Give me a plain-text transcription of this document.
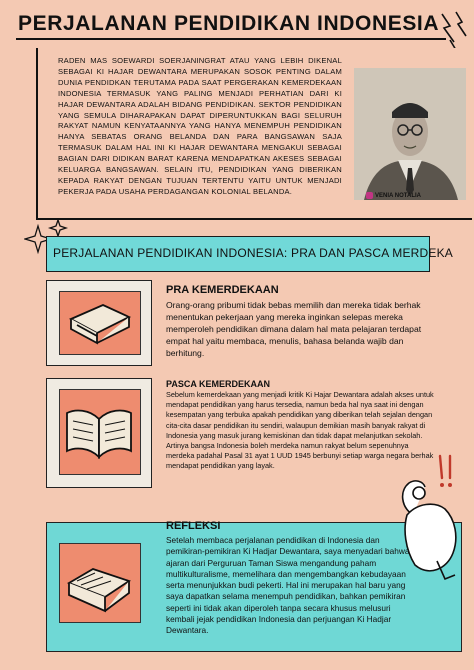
PERJALANAN PENDIDIKAN INDONESIA
RADEN MAS SOEWARDI SOERJANINGRAT ATAU YANG LEBIH DIKENAL SEBAGAI KI HAJAR DEWANTARA MERUPAKAN SOSOK PENTING DALAM DUNIA PENDIDKAN TERUTAMA PADA SAAT PERGERAKAN KEMERDEKAAN INDONESIA TERMASUK YANG PALING MENJADI PERHATIAN DARI KI HAJAR DEWANTARA ADALAH BIDANG PENDIDIKAN. SEKTOR PENDIDIKAN YANG SEMULA DIHARAPAKAN DAPAT DIPERUNTUKKAN BAGI SELURUH RAKYAT NAMUN KENYATAANNYA YANG HANYA MENEMPUH PENDIDIKAN HANYA SEBATAS ORANG BELANDA DAN PARA BANGSAWAN SAJA TERMASUK DALAM HAL INI KI HAJAR DEWANTARA MENGAKUI SEBAGAI BAGIAN DARI DIDIKAN BARAT KARENA MENDAPATKAN AKESES SEBAGAI KELUARGA BANGSAWAN. SELAIN ITU, PENDIDIKAN YANG DIBERIKAN KEPADA RAKYAT DENGAN TUJUAN TERTENTU YAITU UNTUK MENJADI PEKERJA PADA USAHA PERDAGANGAN KOLONIAL BELANDA.	VENIA NOTALIA
PERJALANAN PENDIDIKAN INDONESIA: PRA DAN PASCA MERDEKA
PRA KEMERDEKAAN
Orang-orang pribumi tidak bebas memilih dan mereka tidak berhak menentukan pekerjaan yang mereka inginkan selepas mereka memperoleh pendidikan dimana dalam hal mata pelajaran terdapat empat hal yaitu membaca, menulis, bahasa belanda wajib dan berhitung.
PASCA KEMERDEKAAN
Sebelum kemerdekaan yang menjadi kritik Ki Hajar Dewantara adalah akses untuk mendapat pendidikan yang harus tersedia, namun beda hal nya saat ini dengan kesempatan yang terbuka apakah pendidikan yang diberikan telah sejalan dengan cita-cita dasar pendidikan itu sendiri, walaupun demikian masih banyak rakyat di Indonesia yang masuk jurang kemiskinan dan tidak dapat melanjutkan sekolah. Artinya bangsa Indonesia boleh merdeka namun rakyat belum sepenuhnya merdeka padahal Pasal 31 ayat 1 UUD 1945 berbunyi setiap warga negara berhak mendapat pendidikan yang layak.
REFLEKSI
Setelah membaca perjalanan pendidikan di Indonesia dan pemikiran-pemikiran Ki Hadjar Dewantara, saya menyadari bahwa ajaran dari Perguruan Taman Siswa mengandung paham multikulturalisme, memelihara dan mengembangkan kebudayaan serta menunjukkan budi pekerti. Hal ini merupakan hal baru yang saya dapatkan selama menempuh pendidikan, bahkan pemikiran seperti ini tidak akan diperoleh tanpa secara khusus melusuri kembali jejak pendidikan Indonesia dan perjuangan Ki Hadjar Dewantara.
